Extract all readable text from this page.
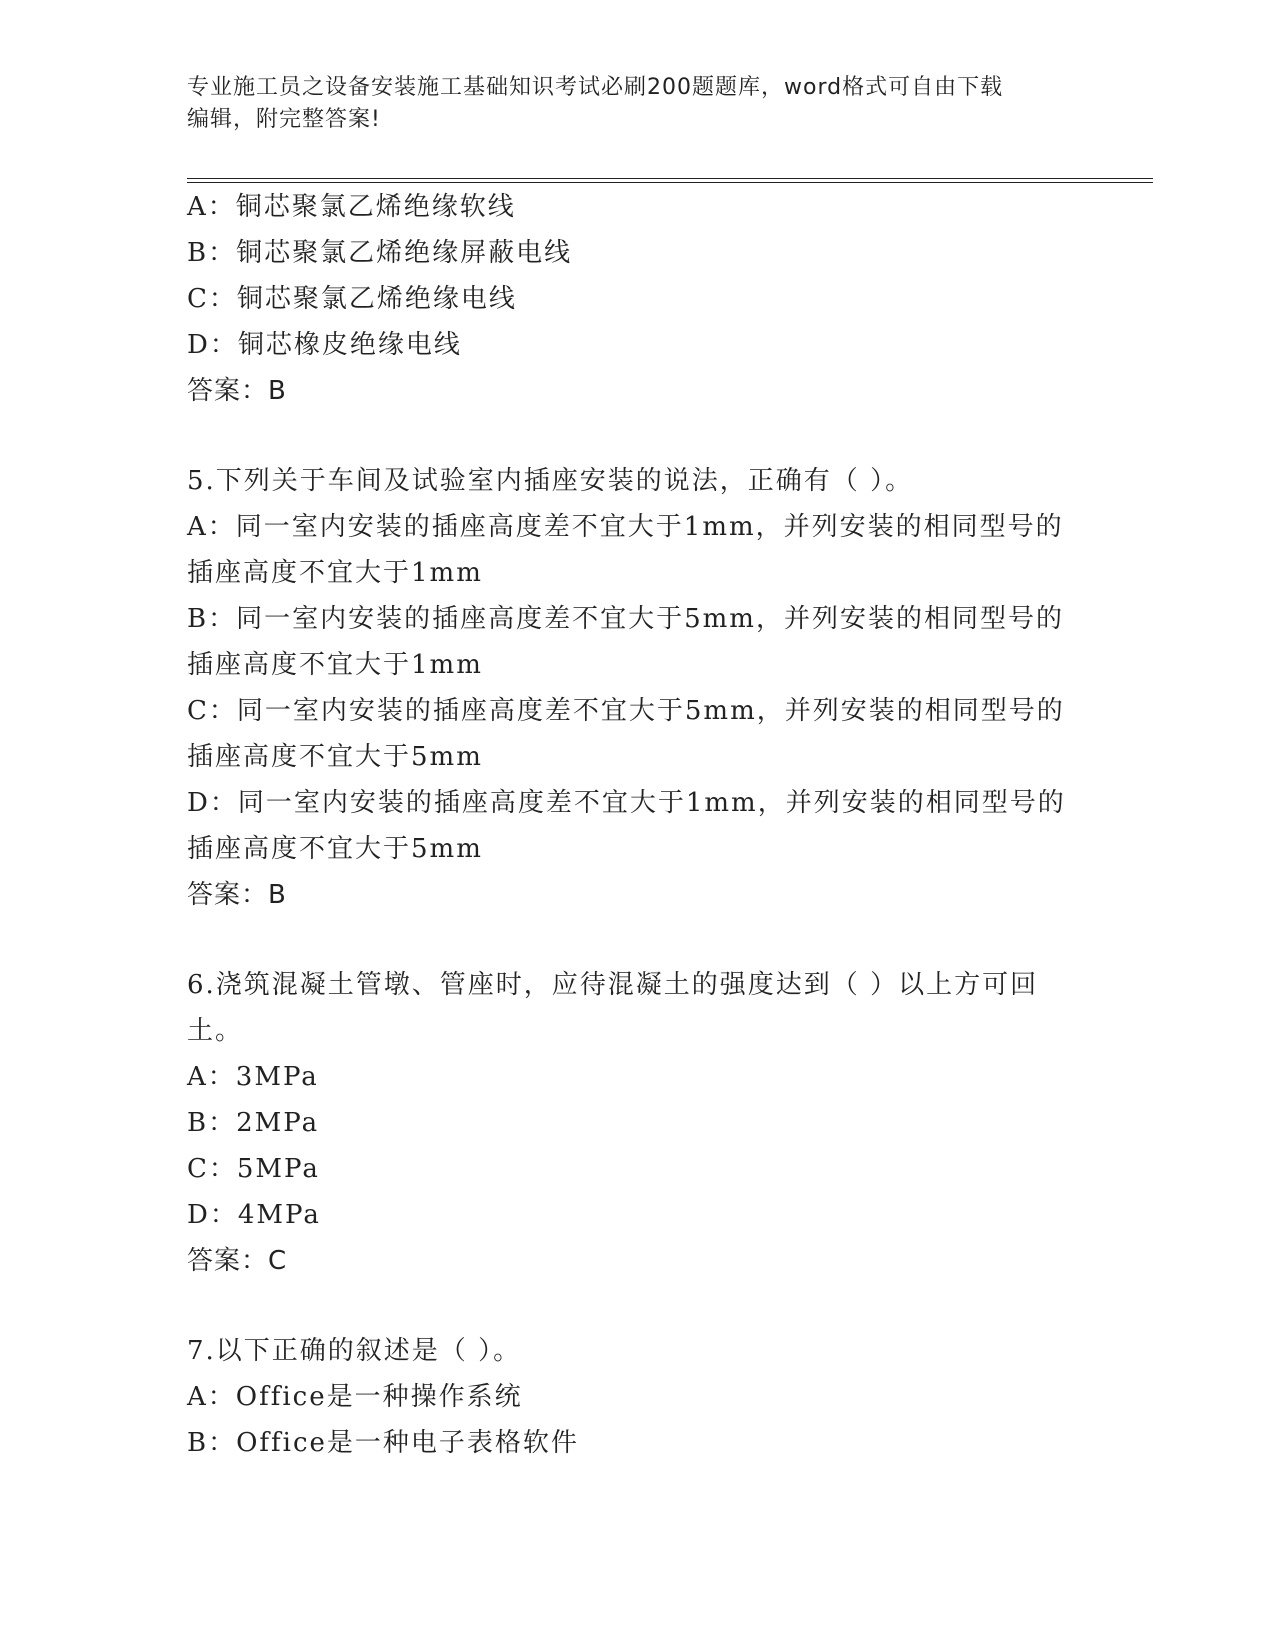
专业施工员之设备安装施工基础知识考试必刷200题题库，word格式可自由下载
编辑，附完整答案!
A：铜芯聚氯乙烯绝缘软线
B：铜芯聚氯乙烯绝缘屏蔽电线
C：铜芯聚氯乙烯绝缘电线
D：铜芯橡皮绝缘电线
答案：B
5.下列关于车间及试验室内插座安装的说法，正确有（ ）。
A：同一室内安装的插座高度差不宜大于1mm，并列安装的相同型号的
插座高度不宜大于1mm
B：同一室内安装的插座高度差不宜大于5mm，并列安装的相同型号的
插座高度不宜大于1mm
C：同一室内安装的插座高度差不宜大于5mm，并列安装的相同型号的
插座高度不宜大于5mm
D：同一室内安装的插座高度差不宜大于1mm，并列安装的相同型号的
插座高度不宜大于5mm
答案：B
6.浇筑混凝土管墩、管座时，应待混凝土的强度达到（ ）以上方可回
土。
A：3MPa
B：2MPa
C：5MPa
D：4MPa
答案：C
7.以下正确的叙述是（ ）。
A：Office是一种操作系统
B：Office是一种电子表格软件
